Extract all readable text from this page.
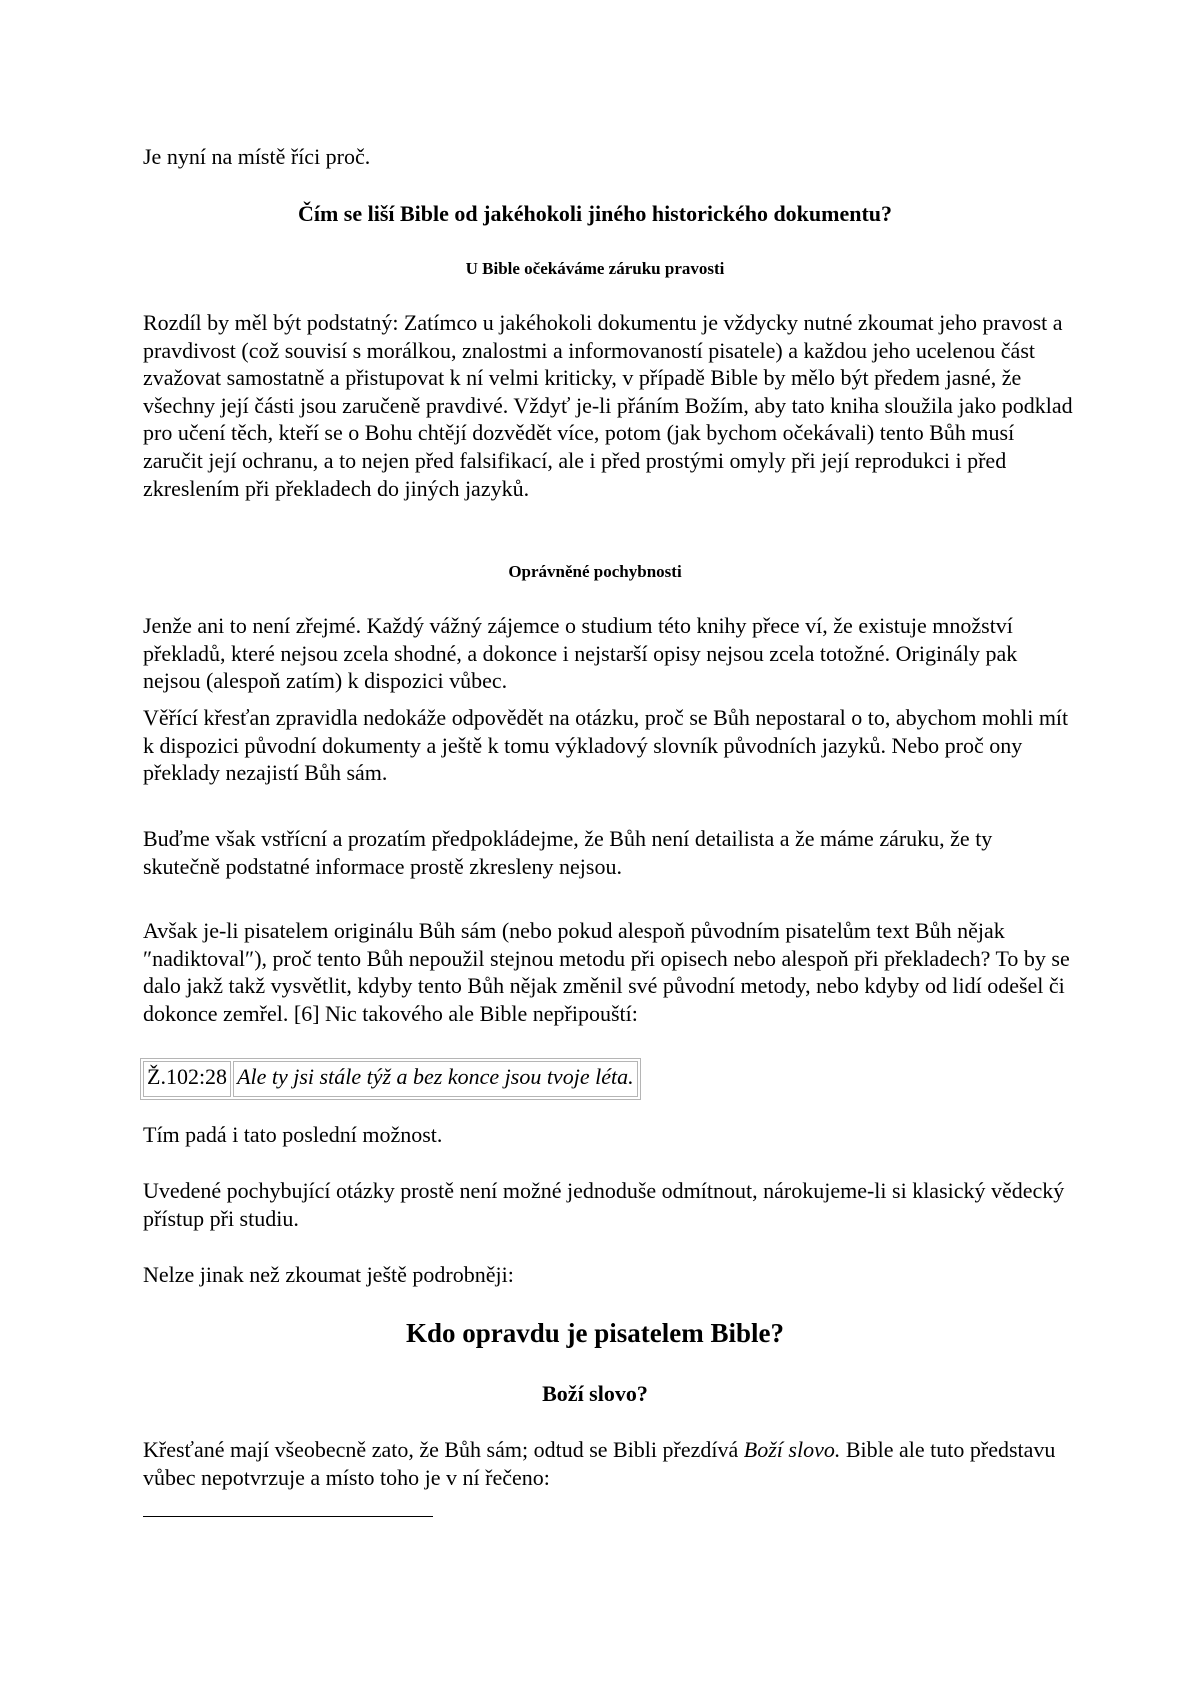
Je nyní na místě říci proč.

Čím se liší Bible od jakéhokoli jiného historického dokumentu?

U Bible očekáváme záruku pravosti

Rozdíl by měl být podstatný: Zatímco u jakéhokoli dokumentu je vždycky nutné zkoumat jeho pravost a pravdivost (což souvisí s morálkou, znalostmi a informovaností pisatele) a každou jeho ucelenou část zvažovat samostatně a přistupovat k ní velmi kriticky, v případě Bible by mělo být předem jasné, že všechny její části jsou zaručeně pravdivé. Vždyť je-li přáním Božím, aby tato kniha sloužila jako podklad pro učení těch, kteří se o Bohu chtějí dozvědět více, potom (jak bychom očekávali) tento Bůh musí zaručit její ochranu, a to nejen před falsifikací, ale i před prostými omyly při její reprodukci i před zkreslením při překladech do jiných jazyků.

Oprávněné pochybnosti

Jenže ani to není zřejmé. Každý vážný zájemce o studium této knihy přece ví, že existuje množství překladů, které nejsou zcela shodné, a dokonce i nejstarší opisy nejsou zcela totožné. Originály pak nejsou (alespoň zatím) k dispozici vůbec.

Věřící křesťan zpravidla nedokáže odpovědět na otázku, proč se Bůh nepostaral o to, abychom mohli mít k dispozici původní dokumenty a ještě k tomu výkladový slovník původních jazyků. Nebo proč ony překlady nezajistí Bůh sám.

Buďme však vstřícní a prozatím předpokládejme, že Bůh není detailista a že máme záruku, že ty skutečně podstatné informace prostě zkresleny nejsou.

Avšak je-li pisatelem originálu Bůh sám (nebo pokud alespoň původním pisatelům text Bůh nějak ″nadiktoval″), proč tento Bůh nepoužil stejnou metodu při opisech nebo alespoň při překladech? To by se dalo jakž takž vysvětlit, kdyby tento Bůh nějak změnil své původní metody, nebo kdyby od lidí odešel či dokonce zemřel. [6] Nic takového ale Bible nepřipouští:

Ž.102:28 Ale ty jsi stále týž a bez konce jsou tvoje léta.

Tím padá i tato poslední možnost.

Uvedené pochybující otázky prostě není možné jednoduše odmítnout, nárokujeme-li si klasický vědecký přístup při studiu.

Nelze jinak než zkoumat ještě podrobněji:

Kdo opravdu je pisatelem Bible?

Boží slovo?

Křesťané mají všeobecně zato, že Bůh sám; odtud se Bibli přezdívá Boží slovo. Bible ale tuto představu vůbec nepotvrzuje a místo toho je v ní řečeno:
